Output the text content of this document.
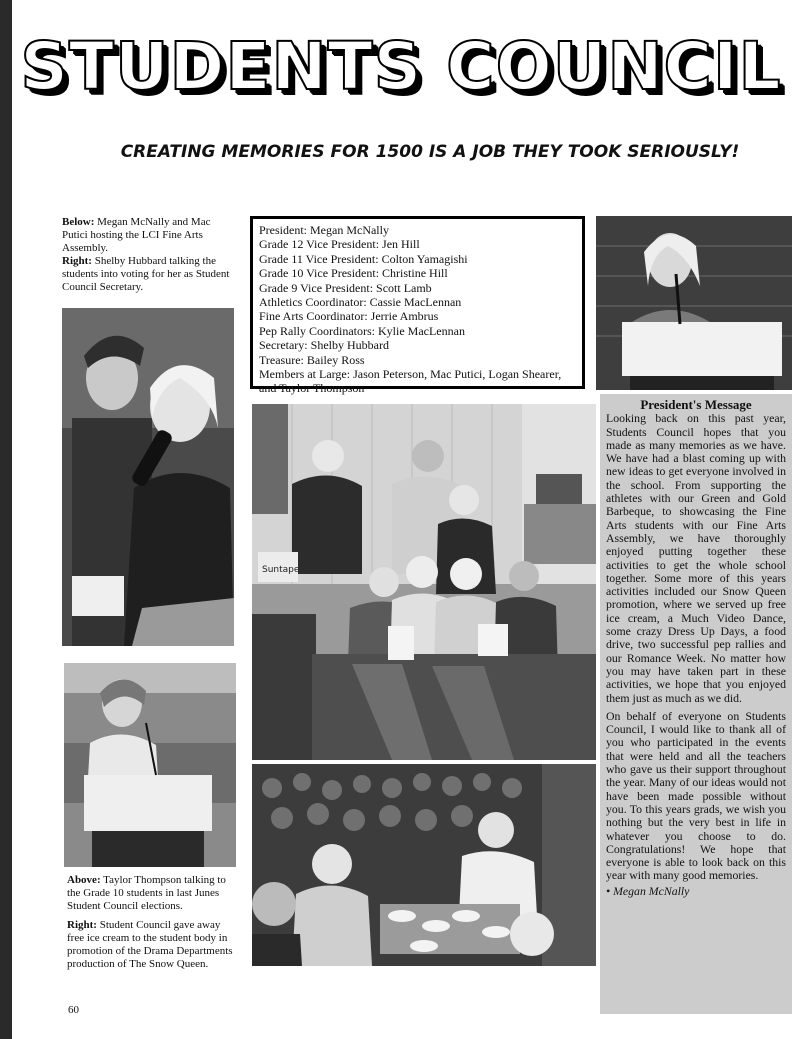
STUDENTS COUNCIL
CREATING MEMORIES FOR 1500 IS A JOB THEY TOOK SERIOUSLY!
Below: Megan McNally and Mac Putici hosting the LCI Fine Arts Assembly.
Right: Shelby Hubbard talking the students into voting for her as Student Council Secretary.
Above: Taylor Thompson talking to the Grade 10 students in last Junes Student Council elections.
Right: Student Council gave away free ice cream to the student body in promotion of the Drama Departments production of The Snow Queen.
President: Megan McNally
Grade 12 Vice President: Jen Hill
Grade 11 Vice President: Colton Yamagishi
Grade 10 Vice President: Christine Hill
Grade 9 Vice President: Scott Lamb
Athletics Coordinator: Cassie MacLennan
Fine Arts Coordinator: Jerrie Ambrus
Pep Rally Coordinators: Kylie MacLennan
Secretary: Shelby Hubbard
Treasure: Bailey Ross
Members at Large: Jason Peterson, Mac Putici, Logan Shearer, and Taylor Thompson
Suntape
President's Message

Looking back on this past year, Students Council hopes that you made as many memories as we have. We have had a blast coming up with new ideas to get everyone involved in the school. From supporting the athletes with our Green and Gold Barbeque, to showcasing the Fine Arts students with our Fine Arts Assembly, we have thoroughly enjoyed putting together these activities to get the whole school together. Some more of this years activities included our Snow Queen promotion, where we served up free ice cream, a Much Video Dance, some crazy Dress Up Days, a food drive, two successful pep rallies and our Romance Week. No matter how you may have taken part in these activities, we hope that you enjoyed them just as much as we did.

On behalf of everyone on Students Council, I would like to thank all of you who participated in the events that were held and all the teachers who gave us their support throughout the year. Many of our ideas would not have been made possible without you. To this years grads, we wish you nothing but the very best in life in whatever you choose to do. Congratulations! We hope that everyone is able to look back on this year with many good memories.

• Megan McNally
60
